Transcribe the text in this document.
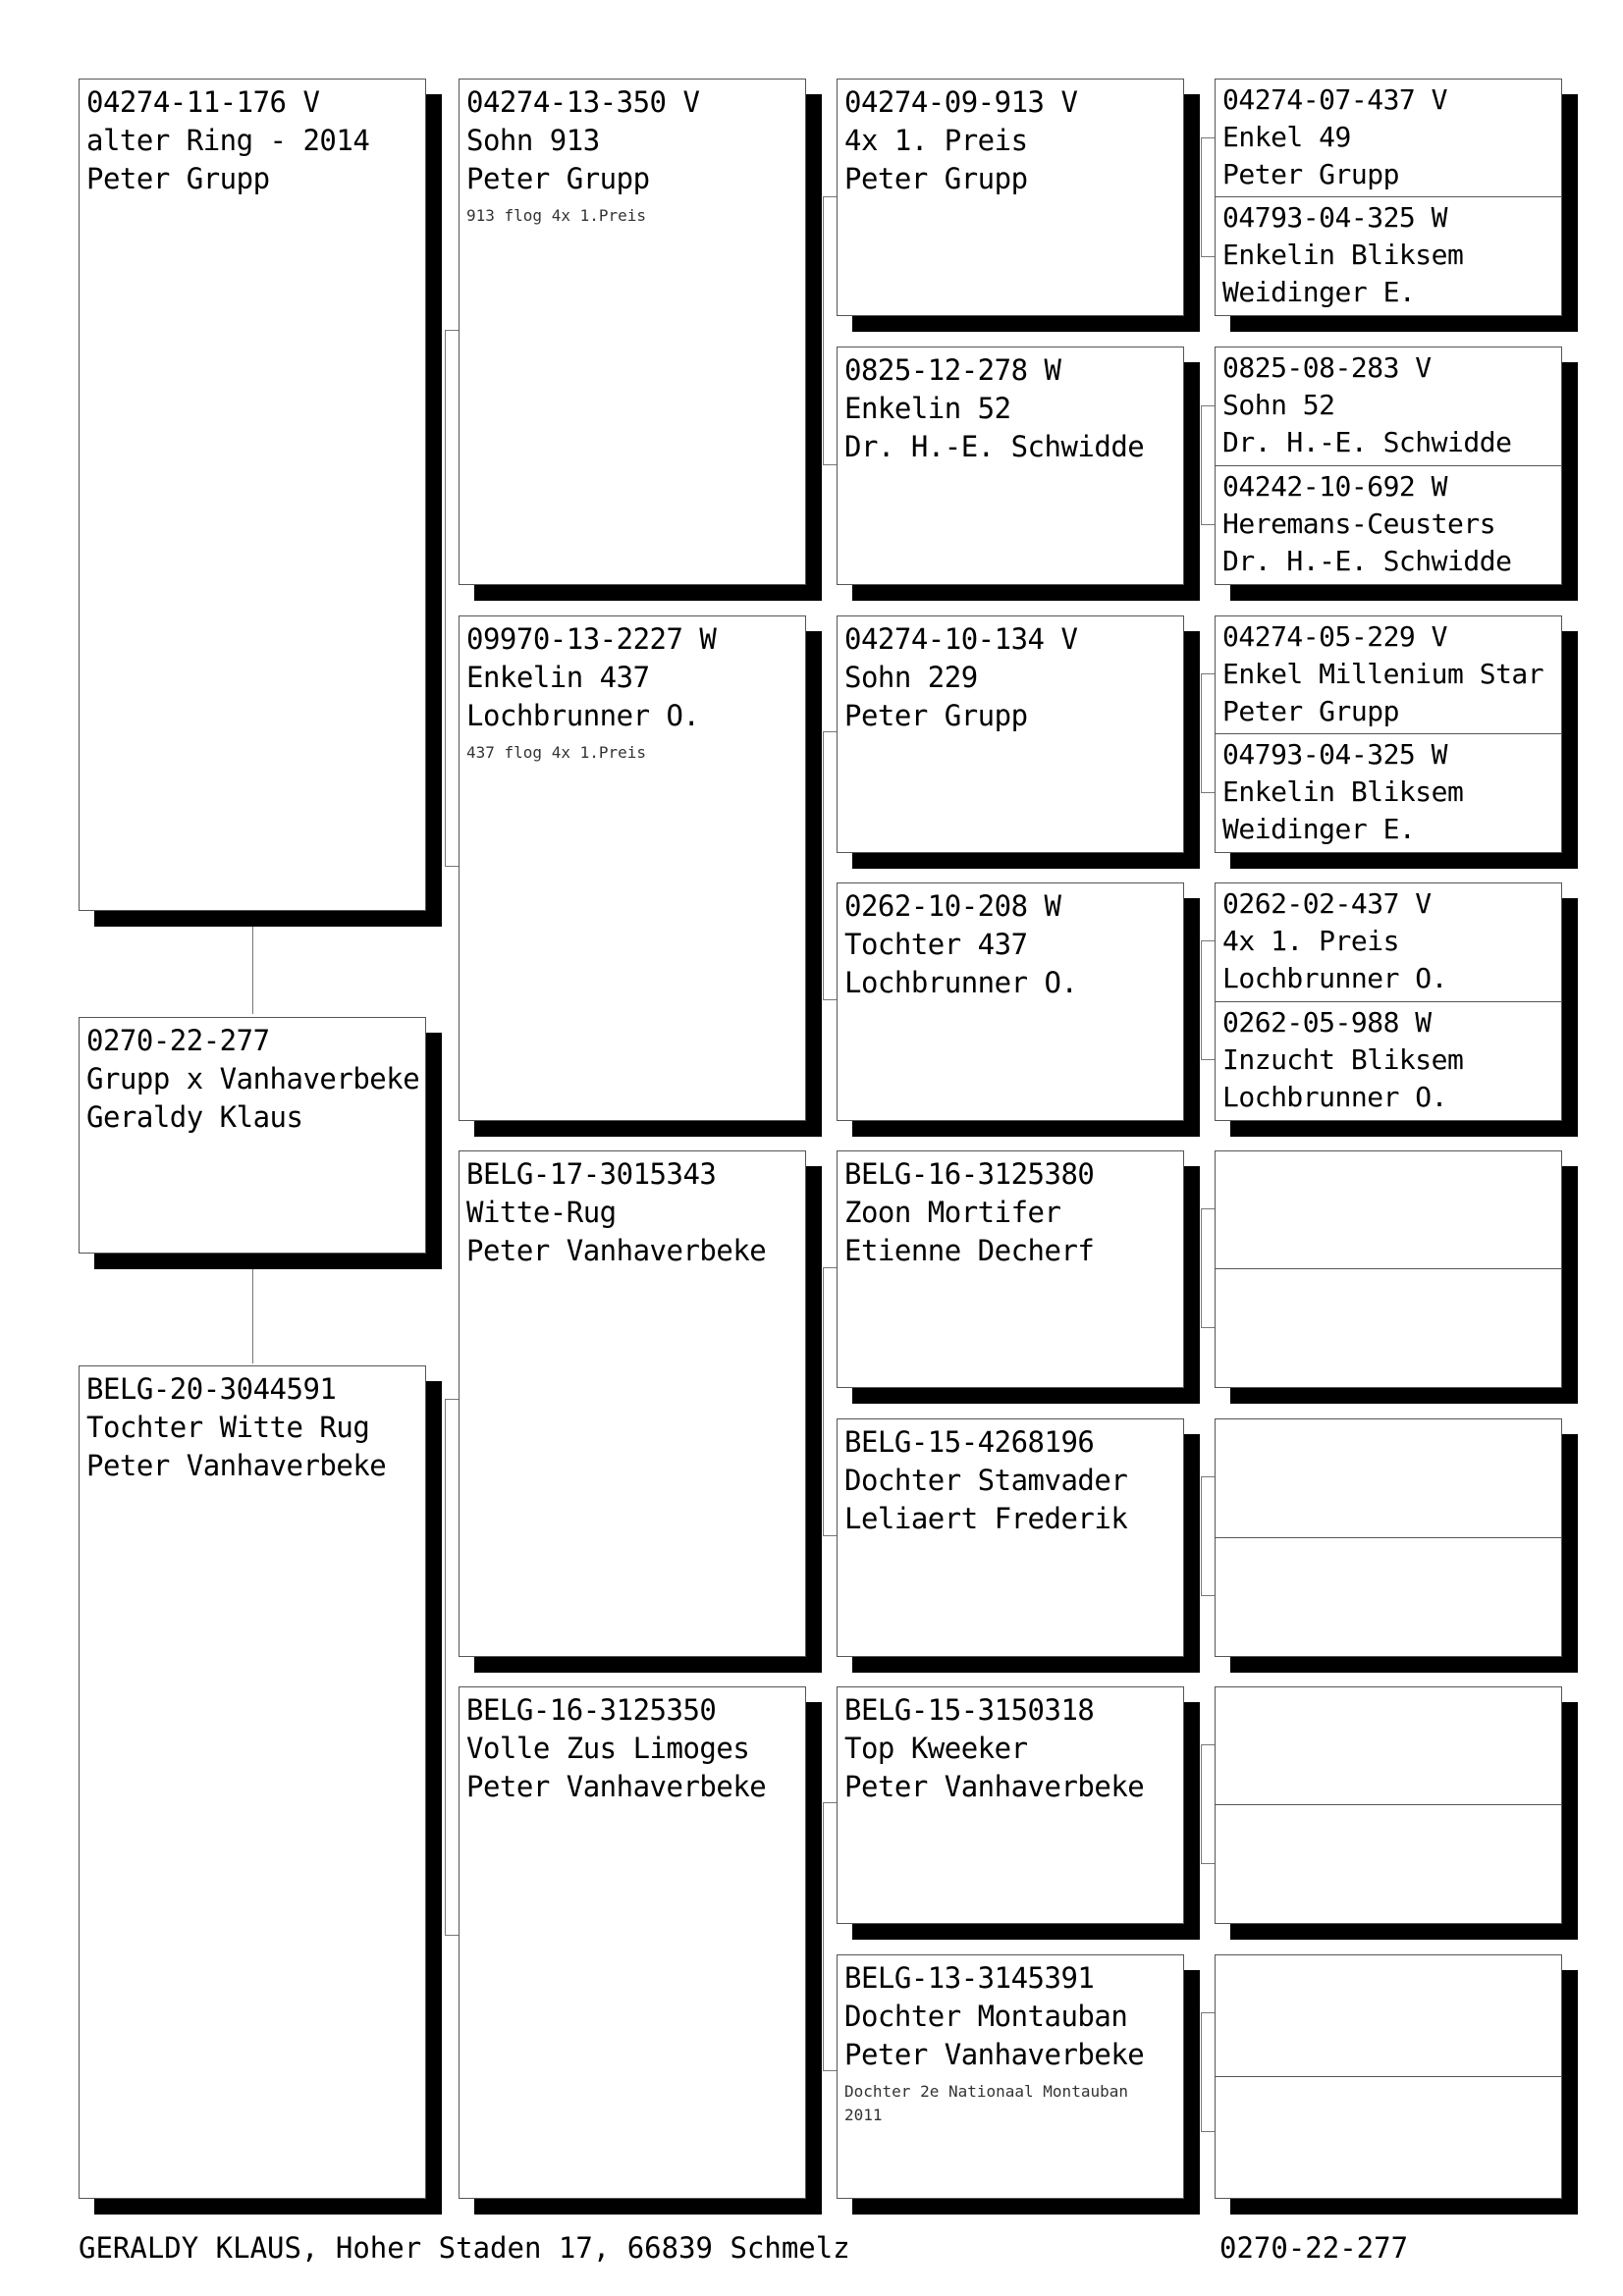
04274-11-176 V
alter Ring - 2014
Peter Grupp
0270-22-277
Grupp x Vanhaverbeke
Geraldy Klaus
BELG-20-3044591
Tochter Witte Rug
Peter Vanhaverbeke
04274-13-350 V
Sohn 913
Peter Grupp
913 flog 4x 1.Preis
09970-13-2227 W
Enkelin 437
Lochbrunner O.
437 flog 4x 1.Preis
BELG-17-3015343
Witte-Rug
Peter Vanhaverbeke
BELG-16-3125350
Volle Zus Limoges
Peter Vanhaverbeke
04274-09-913 V
4x 1. Preis
Peter Grupp
0825-12-278 W
Enkelin 52
Dr. H.-E. Schwidde
04274-10-134 V
Sohn 229
Peter Grupp
0262-10-208 W
Tochter 437
Lochbrunner O.
BELG-16-3125380
Zoon Mortifer
Etienne Decherf
BELG-15-4268196
Dochter Stamvader
Leliaert Frederik
BELG-15-3150318
Top Kweeker
Peter Vanhaverbeke
BELG-13-3145391
Dochter Montauban
Peter Vanhaverbeke
Dochter 2e Nationaal Montauban 2011
04274-07-437 V
Enkel 49
Peter Grupp
04793-04-325 W
Enkelin Bliksem
Weidinger E.
0825-08-283 V
Sohn 52
Dr. H.-E. Schwidde
04242-10-692 W
Heremans-Ceusters
Dr. H.-E. Schwidde
04274-05-229 V
Enkel Millenium Star
Peter Grupp
04793-04-325 W
Enkelin Bliksem
Weidinger E.
0262-02-437 V
4x 1. Preis
Lochbrunner O.
0262-05-988 W
Inzucht Bliksem
Lochbrunner O.
GERALDY KLAUS, Hoher Staden 17, 66839 Schmelz	0270-22-277
